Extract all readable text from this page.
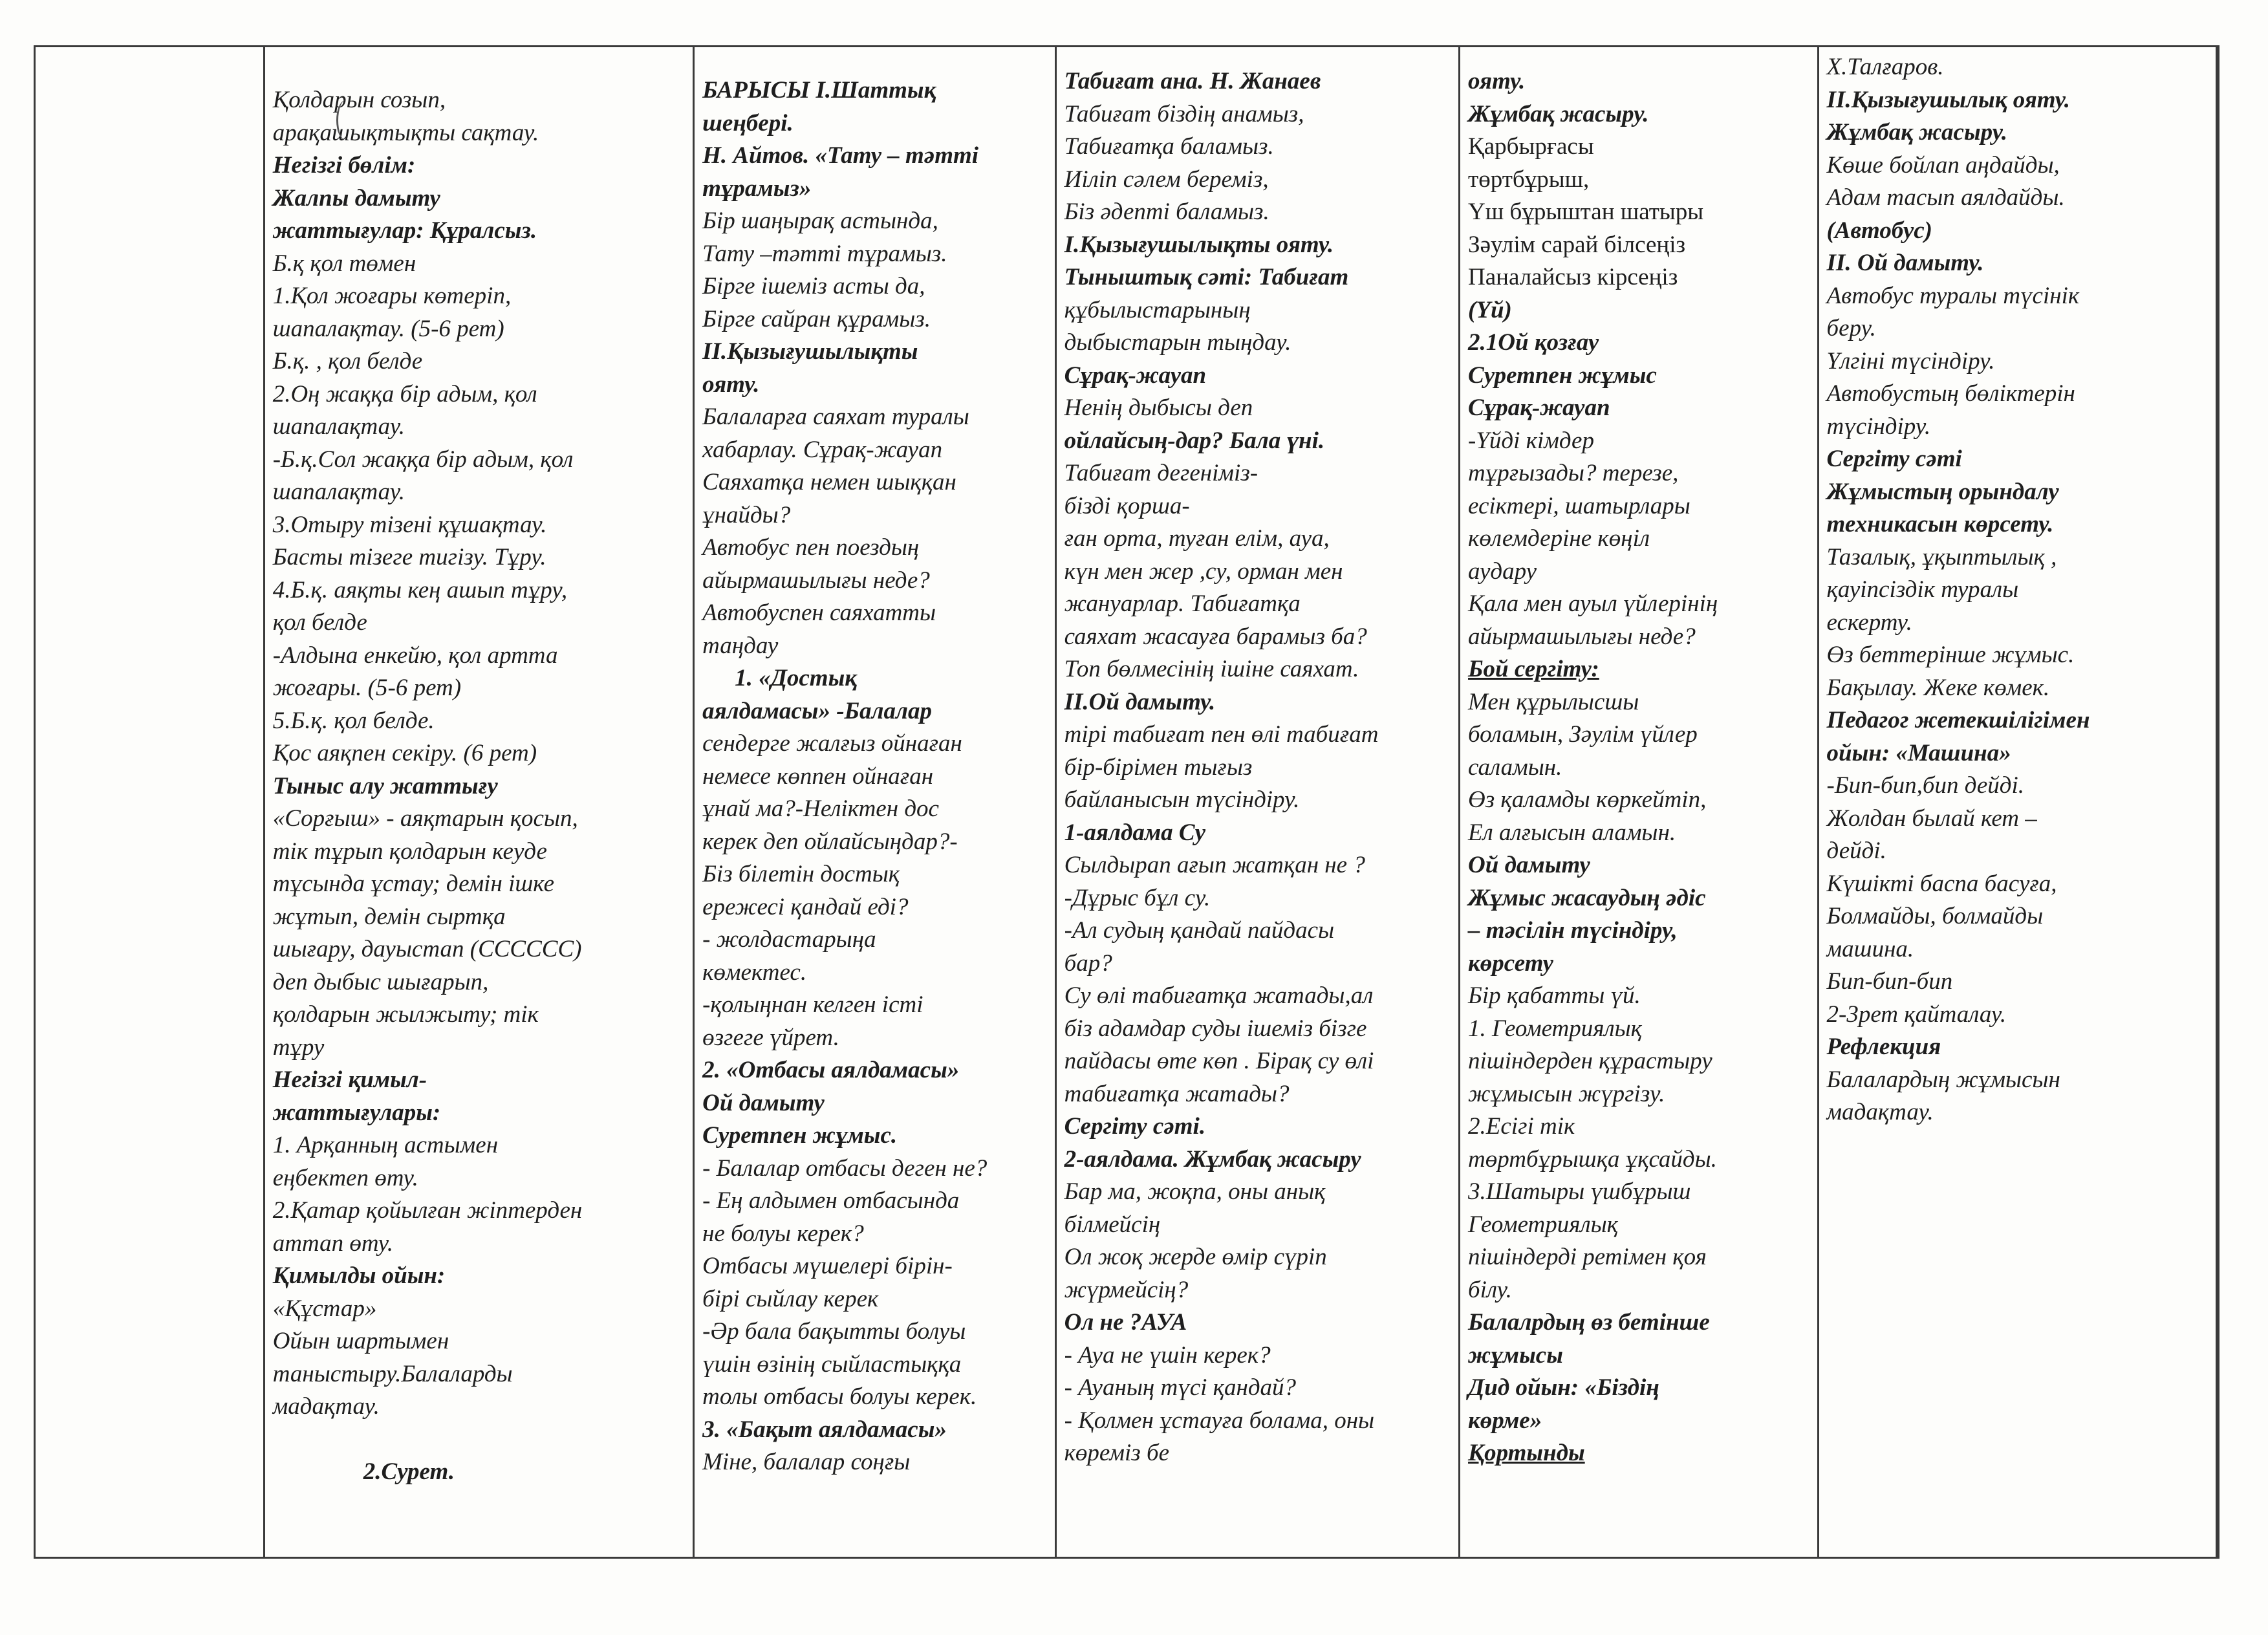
Қолдарын созып,
арақашықтықты сақтау.
Негізгі бөлім:
Жалпы дамыту
жаттығулар: Құралсыз.
Б.қ қол төмен
1.Қол жоғары көтеріп,
шапалақтау. (5-6 рет)
Б.қ. , қол белде
2.Оң жаққа бір адым, қол
шапалақтау.
-Б.қ.Сол жаққа бір адым, қол
шапалақтау.
3.Отыру тізені құшақтау.
Басты тізеге тигізу. Тұру.
4.Б.қ. аяқты кең ашып тұру,
қол белде
-Алдына енкейю, қол артта
жоғары. (5-6 рет)
5.Б.қ. қол белде.
Қос аяқпен секіру. (6 рет)
Тыныс алу жаттығу
«Сорғыш» - аяқтарын қосып,
тік тұрып қолдарын кеуде
тұсында ұстау; демін ішке
жұтып, демін сыртқа
шығару, дауыстап (СССССС)
деп дыбыс шығарып,
қолдарын жылжыту; тік
тұру
Негізгі қимыл-
жаттығулары:
1. Арқанның астымен
еңбектеп өту.
2.Қатар қойылған жіптерден
аттап өту.
Қимылды ойын:
«Құстар»
Ойын шартымен
таныстыру.Балаларды
мадақтау.

2.Сурет.
БАРЫСЫ І.Шаттық
шеңбері.
Н. Айтов. «Тату – тәтті
тұрамыз»
Бір шаңырақ астында,
Тату –тәтті тұрамыз.
Бірге ішеміз асты да,
Бірге сайран құрамыз.
ІІ.Қызығушылықты
ояту.
Балаларға саяхат туралы
хабарлау. Сұрақ-жауап
Саяхатқа немен шыққан
ұнайды?
Автобус пен поездың
айырмашылығы неде?
Автобуспен саяхатты
таңдау
1. «Достық
аялдамасы» -Балалар
сендерге жалғыз ойнаған
немесе көппен ойнаған
ұнай ма?-Неліктен дос
керек деп ойлайсыңдар?-
Біз білетін достық
ережесі қандай еді?
- жолдастарыңа
көмектес.
-қолыңнан келген істі
өзгеге үйрет.
2. «Отбасы аялдамасы»
Ой дамыту
Суретпен жұмыс.
- Балалар отбасы деген не?
- Ең алдымен отбасында
не болуы керек?
Отбасы мүшелері бірін-
бірі сыйлау керек
-Әр бала бақытты болуы
үшін өзінің сыйластыққа
толы отбасы болуы керек.
3. «Бақыт аялдамасы»
Міне, балалар соңғы
Табиғат ана. Н. Жанаев
Табиғат біздің анамыз,
Табиғатқа баламыз.
Иіліп сәлем береміз,
Біз әдепті баламыз.
І.Қызығушылықты ояту.
Тыныштық сәті: Табиғат
құбылыстарының
дыбыстарын тыңдау.
Сұрақ-жауап
Ненің дыбысы деп
ойлайсың-дар? Бала үні.
Табиғат дегеніміз-
бізді қорша-
ған орта, туған елім, ауа,
күн мен жер ,су, орман мен
жануарлар. Табиғатқа
саяхат жасауға барамыз ба?
Топ бөлмесінің ішіне саяхат.
ІІ.Ой дамыту.
тірі табиғат пен өлі табиғат
бір-бірімен тығыз
байланысын түсіндіру.
1-аялдама Су
Сылдырап ағып жатқан не ?
-Дұрыс бұл су.
-Ал судың қандай пайдасы
бар?
Су өлі табиғатқа жатады,ал
біз адамдар суды ішеміз бізге
пайдасы өте көп . Бірақ су өлі
табиғатқа жатады?
Сергіту сәті.
2-аялдама. Жұмбақ жасыру
Бар ма, жоқпа, оны анық
білмейсің
Ол жоқ жерде өмір сүріп
жүрмейсің?
Ол не ?АУА
- Ауа не үшін керек?
- Ауаның түсі қандай?
- Қолмен ұстауға болама, оны
көреміз бе
ояту.
Жұмбақ жасыру.
Қарбырғасы
төртбұрыш,
Үш бұрыштан шатыры
Зәулім сарай білсеңіз
Паналайсыз кірсеңіз
(Үй)
2.1Ой қозғау
Суретпен жұмыс
Сұрақ-жауап
-Үйді кімдер
тұрғызады? терезе,
есіктері, шатырлары
көлемдеріне көңіл
аудару
Қала мен ауыл үйлерінің
айырмашылығы неде?
Бой сергіту:
Мен құрылысшы
боламын, Зәулім үйлер
саламын.
Өз қаламды көркейтіп,
Ел алғысын аламын.
Ой дамыту
Жұмыс жасаудың әдіс
– тәсілін түсіндіру,
көрсету
Бір қабатты үй.
1. Геометриялық
пішіндерден құрастыру
жұмысын жүргізу.
2.Есігі тік
төртбұрышқа ұқсайды.
3.Шатыры үшбұрыш
Геометриялық
пішіндерді ретімен қоя
білу.
Балалрдың өз бетінше
жұмысы
Дид ойын: «Біздің
көрме»
Қортынды
Х.Талғаров.
ІІ.Қызығушылық ояту.
Жұмбақ жасыру.
Көше бойлап аңдайды,
Адам тасып аялдайды.
(Автобус)
ІІ. Ой дамыту.
Автобус туралы түсінік
беру.
Үлгіні түсіндіру.
Автобустың бөліктерін
түсіндіру.
Сергіту сәті
Жұмыстың орындалу
техникасын көрсету.
Тазалық, ұқыптылық ,
қауіпсіздік туралы
ескерту.
Өз беттерінше жұмыс.
Бақылау. Жеке көмек.
Педагог жетекшілігімен
ойын: «Машина»
-Бип-бип,бип дейді.
Жолдан былай кет –
дейді.
Күшікті баспа басуға,
Болмайды, болмайды
машина.
Бип-бип-бип
2-3рет қайталау.
Рефлекция
Балалардың жұмысын
мадақтау.
